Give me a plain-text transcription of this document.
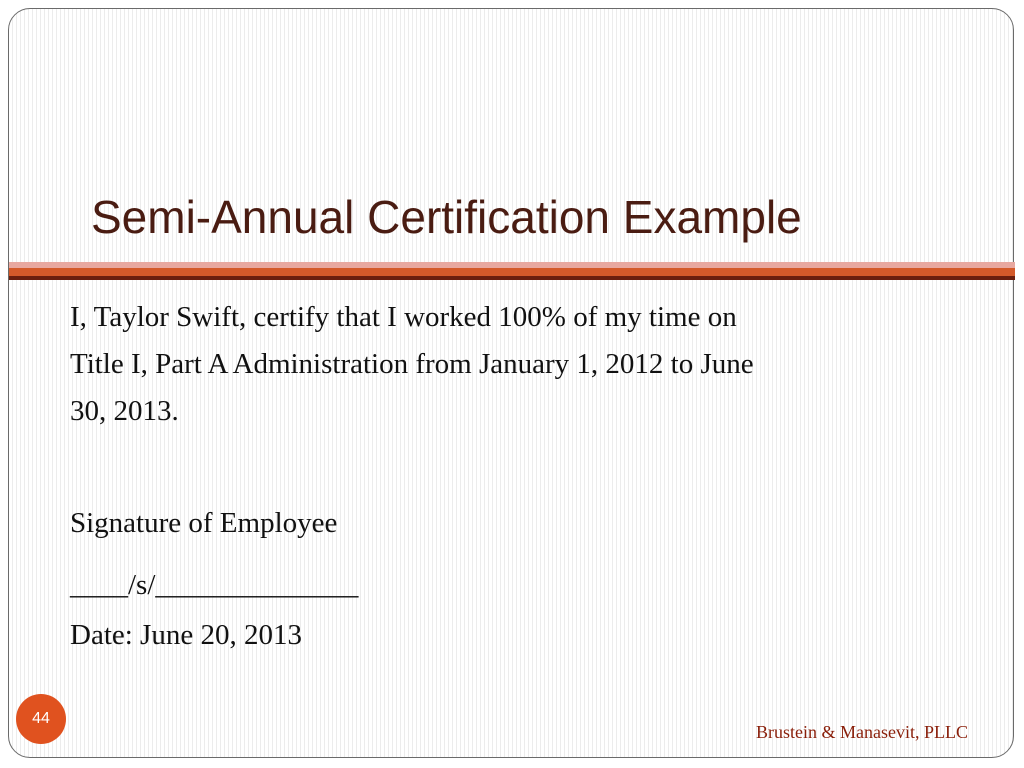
Semi-Annual Certification Example
I, Taylor Swift, certify that I worked 100% of my time on
Title I, Part A Administration from January 1, 2012 to June
30, 2013.
Signature of Employee
____/s/______________
Date: June 20, 2013
44
Brustein & Manasevit, PLLC
